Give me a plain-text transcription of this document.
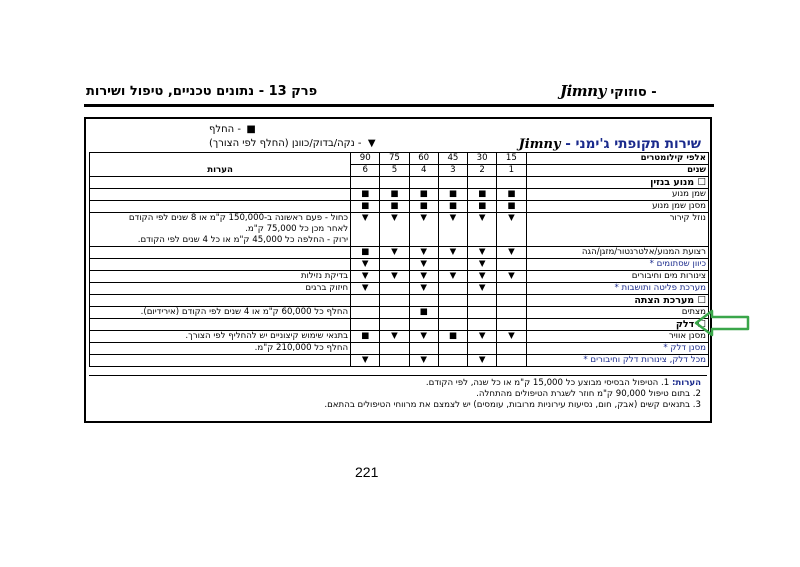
פרק 13 - נתונים טכניים, טיפול ושירות	Jimny סוזוקי -
■ - החלף
▼ - נקה/בדוק/כוונן (החלף לפי הצורך)	שירות תקופתי ג'ימני - Jimny
הערות	90	75	60	45	30	15	אלפי קילומטרים
	6	5	4	3	2	1	שנים
							☐ מנוע בנזין
	■	■	■	■	■	■	שמן מנוע
	■	■	■	■	■	■	מסנן שמן מנוע

כחול - פעם ראשונה ב-150,000 ק"מ או 8 שנים לפי הקודם
לאחר מכן כל 75,000 ק"מ.
ירוק - החלפה כל 45,000 ק"מ או כל 4 שנים לפי הקודם.	▼	▼	▼	▼	▼	▼	נוזל קירור
	■	▼	▼	▼	▼	▼	רצועת המנוע/אלטרנטור/מזגן/הגה
	▼		▼		▼		כיוון שסתומים *
בדיקת נזילות	▼	▼	▼	▼	▼	▼	צינורות מים וחיבורים
חיזוק ברגים	▼		▼		▼		מערכת פליטה ותושבות *
							☐ מערכת הצתה
החלף כל 60,000 ק"מ או 4 שנים לפי הקודם (אירידיום).			■				מצתים
							☐ דלק
בתנאי שימוש קיצוניים יש להחליף לפי הצורך.	■	▼	▼	■	▼	▼	מסנן אוויר
החלף כל 210,000 ק"מ.							מסנן דלק *
	▼		▼		▼		מכל דלק, צינורות דלק וחיבורים *
הערות: 1. הטיפול הבסיסי מבוצע כל 15,000 ק"מ או כל שנה, לפי הקודם.
2. בתום טיפול 90,000 ק"מ חוזר לשגרת הטיפולים מהתחלה.
3. בתנאים קשים (אבק, חום, נסיעות עירוניות מרובות, עומסים) יש לצמצם את מרווחי הטיפולים בהתאם.
221
